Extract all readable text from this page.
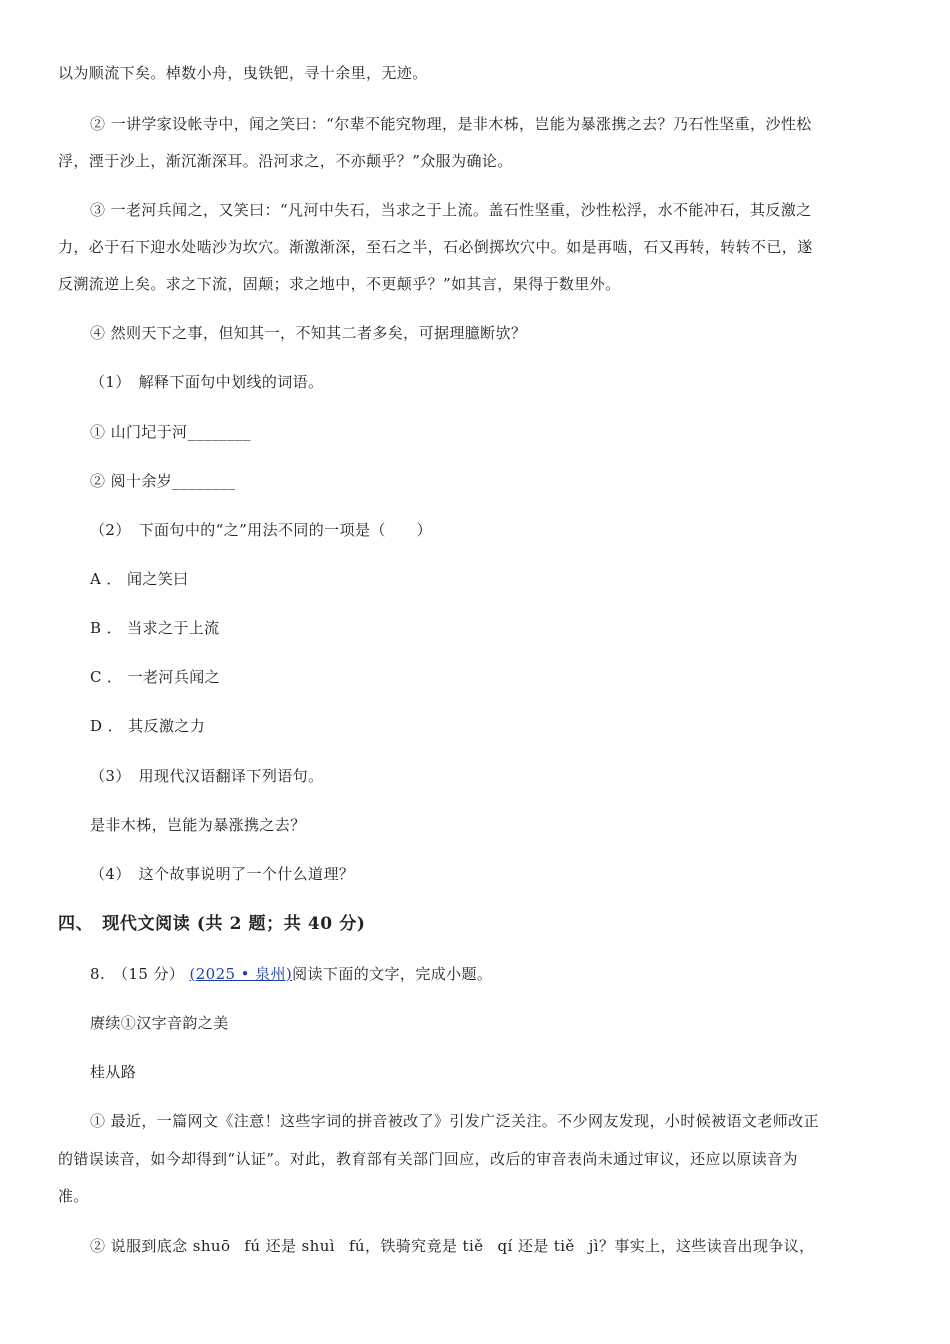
以为顺流下矣。棹数小舟，曳铁钯，寻十余里，无迹。
② 一讲学家设帐寺中，闻之笑曰：“尔辈不能究物理，是非木柹，岂能为暴涨携之去？乃石性坚重，沙性松
浮，湮于沙上，渐沉渐深耳。沿河求之，不亦颠乎？”众服为确论。
③ 一老河兵闻之，又笑曰：“凡河中失石，当求之于上流。盖石性坚重，沙性松浮，水不能冲石，其反激之
力，必于石下迎水处啮沙为坎穴。渐激渐深，至石之半，石必倒掷坎穴中。如是再啮，石又再转，转转不已，遂
反溯流逆上矣。求之下流，固颠；求之地中，不更颠乎？”如其言，果得于数里外。
④ 然则天下之事，但知其一，不知其二者多矣，可据理臆断欤？
（1）　解释下面句中划线的词语。
① 山门圮于河________
② 阅十余岁________
（2）　下面句中的“之”用法不同的一项是（　　）
A ． 闻之笑曰
B ． 当求之于上流
C ． 一老河兵闻之
D ． 其反激之力
（3）　用现代汉语翻译下列语句。
是非木柹，岂能为暴涨携之去？
（4）　这个故事说明了一个什么道理？
四、　现代文阅读 (共 2 题；共 40 分)
8.　（15 分） (2025 • 泉州)阅读下面的文字，完成小题。
赓续①汉字音韵之美
桂从路
① 最近，一篇网文《注意！这些字词的拼音被改了》引发广泛关注。不少网友发现，小时候被语文老师改正
的错误读音，如今却得到“认证”。对此，教育部有关部门回应，改后的审音表尚未通过审议，还应以原读音为
准。
② 说服到底念 shuō fú 还是 shuì fú，铁骑究竟是 tiě qí 还是 tiě jì？事实上，这些读音出现争议，
